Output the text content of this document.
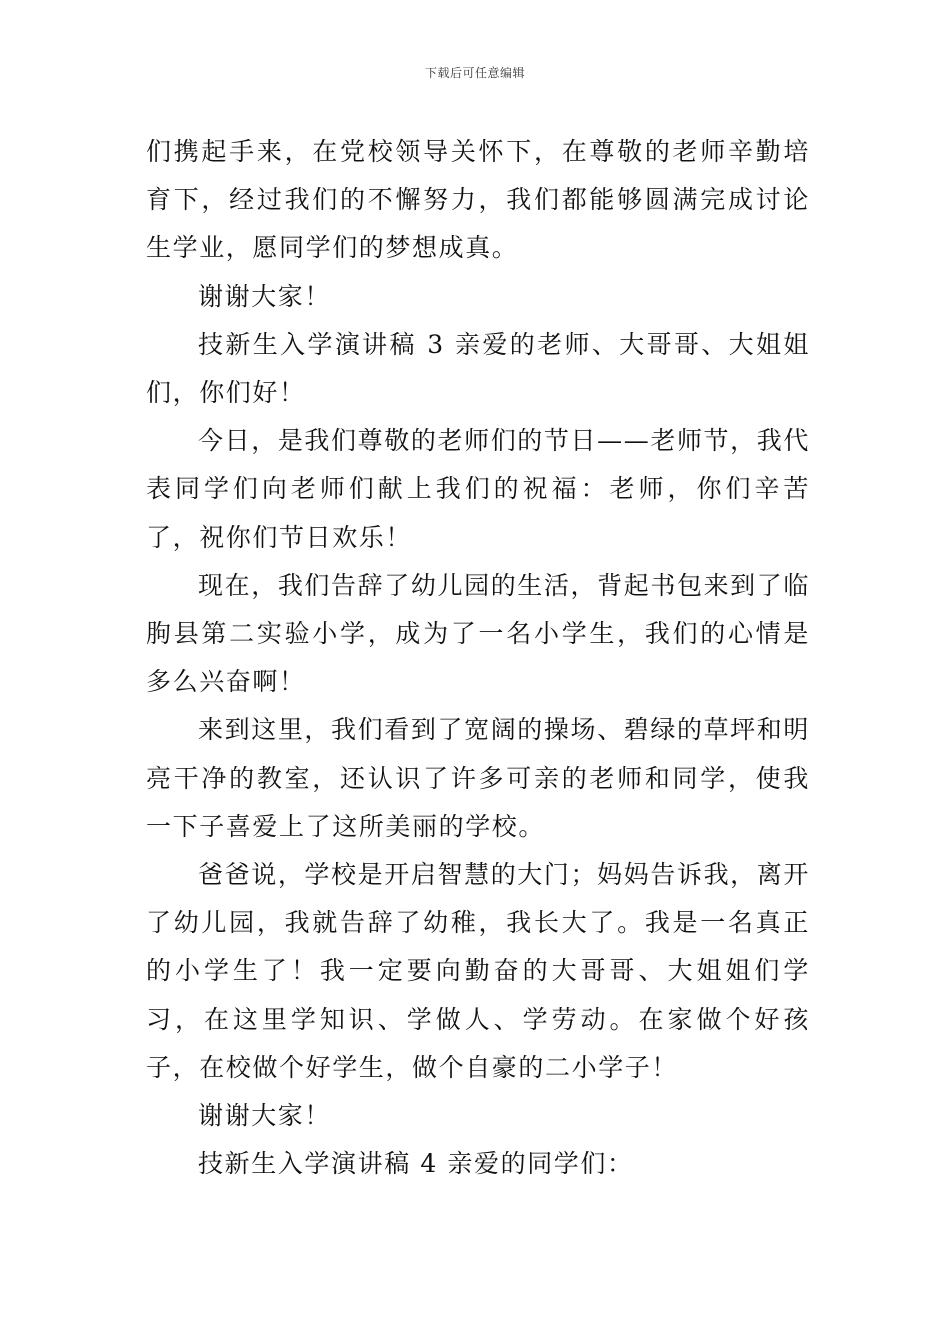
下载后可任意编辑

们携起手来，在党校领导关怀下，在尊敬的老师辛勤培育下，经过我们的不懈努力，我们都能够圆满完成讨论生学业，愿同学们的梦想成真。

谢谢大家！

技新生入学演讲稿 3 亲爱的老师、大哥哥、大姐姐们，你们好！

今日，是我们尊敬的老师们的节日——老师节，我代表同学们向老师们献上我们的祝福：老师，你们辛苦了，祝你们节日欢乐！

现在，我们告辞了幼儿园的生活，背起书包来到了临朐县第二实验小学，成为了一名小学生，我们的心情是多么兴奋啊！

来到这里，我们看到了宽阔的操场、碧绿的草坪和明亮干净的教室，还认识了许多可亲的老师和同学，使我一下子喜爱上了这所美丽的学校。

爸爸说，学校是开启智慧的大门；妈妈告诉我，离开了幼儿园，我就告辞了幼稚，我长大了。我是一名真正的小学生了！我一定要向勤奋的大哥哥、大姐姐们学习，在这里学知识、学做人、学劳动。在家做个好孩子，在校做个好学生，做个自豪的二小学子！

谢谢大家！

技新生入学演讲稿 4 亲爱的同学们：
